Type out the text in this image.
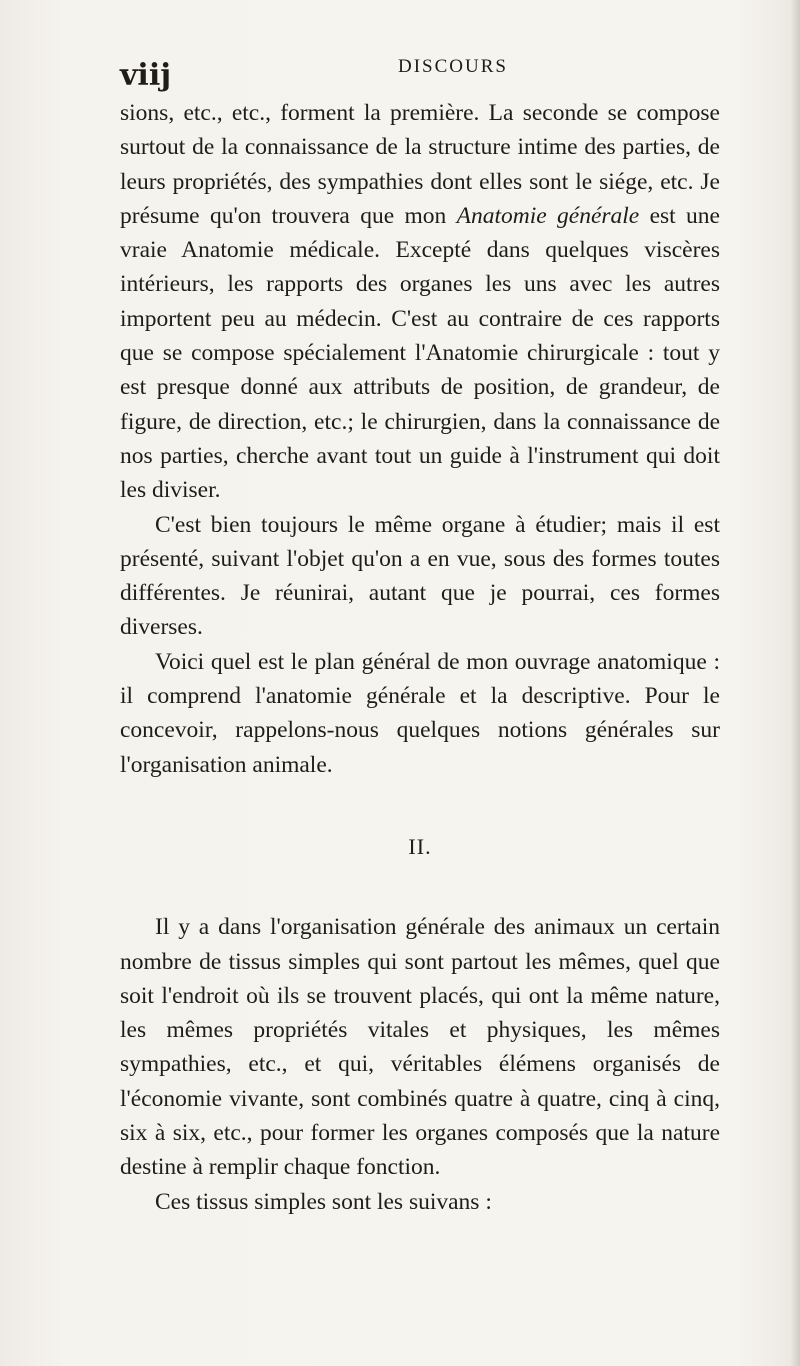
viij	DISCOURS

sions, etc., etc., forment la première. La seconde se compose surtout de la connaissance de la structure intime des parties, de leurs propriétés, des sympathies dont elles sont le siége, etc. Je présume qu'on trouvera que mon Anatomie générale est une vraie Anatomie médicale. Excepté dans quelques viscères intérieurs, les rapports des organes les uns avec les autres importent peu au médecin. C'est au contraire de ces rapports que se compose spécialement l'Anatomie chirurgicale : tout y est presque donné aux attributs de position, de grandeur, de figure, de direction, etc.; le chirurgien, dans la connaissance de nos parties, cherche avant tout un guide à l'instrument qui doit les diviser.

C'est bien toujours le même organe à étudier; mais il est présenté, suivant l'objet qu'on a en vue, sous des formes toutes différentes. Je réunirai, autant que je pourrai, ces formes diverses.

Voici quel est le plan général de mon ouvrage anatomique : il comprend l'anatomie générale et la descriptive. Pour le concevoir, rappelons-nous quelques notions générales sur l'organisation animale.

II.

Il y a dans l'organisation générale des animaux un certain nombre de tissus simples qui sont partout les mêmes, quel que soit l'endroit où ils se trouvent placés, qui ont la même nature, les mêmes propriétés vitales et physiques, les mêmes sympathies, etc., et qui, véritables élémens organisés de l'économie vivante, sont combinés quatre à quatre, cinq à cinq, six à six, etc., pour former les organes composés que la nature destine à remplir chaque fonction.

Ces tissus simples sont les suivans :
